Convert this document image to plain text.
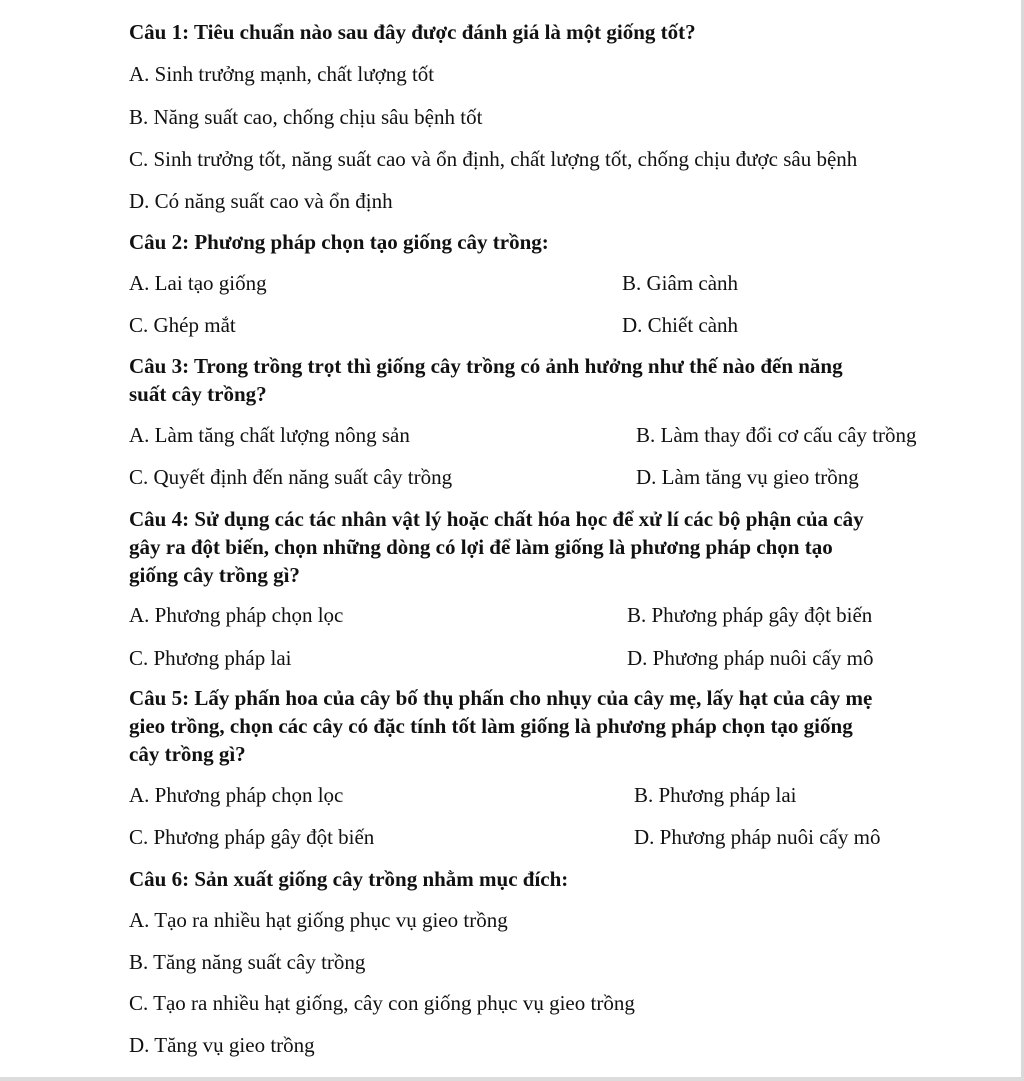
Câu 1: Tiêu chuẩn nào sau đây được đánh giá là một giống tốt?
A. Sinh trưởng mạnh, chất lượng tốt
B. Năng suất cao, chống chịu sâu bệnh tốt
C. Sinh trưởng tốt, năng suất cao và ổn định, chất lượng tốt, chống chịu được sâu bệnh
D. Có năng suất cao và ổn định
Câu 2: Phương pháp chọn tạo giống cây trồng:
A. Lai tạo giống	B. Giâm cành
C. Ghép mắt	D. Chiết cành
Câu 3: Trong trồng trọt thì giống cây trồng có ảnh hưởng như thế nào đến năng
suất cây trồng?
A. Làm tăng chất lượng nông sản	B. Làm thay đổi cơ cấu cây trồng
C. Quyết định đến năng suất cây trồng	D. Làm tăng vụ gieo trồng
Câu 4: Sử dụng các tác nhân vật lý hoặc chất hóa học để xử lí các bộ phận của cây
gây ra đột biến, chọn những dòng có lợi để làm giống là phương pháp chọn tạo
giống cây trồng gì?
A. Phương pháp chọn lọc	B. Phương pháp gây đột biến
C. Phương pháp lai	D. Phương pháp nuôi cấy mô
Câu 5: Lấy phấn hoa của cây bố thụ phấn cho nhụy của cây mẹ, lấy hạt của cây mẹ
gieo trồng, chọn các cây có đặc tính tốt làm giống là phương pháp chọn tạo giống
cây trồng gì?
A. Phương pháp chọn lọc	B. Phương pháp lai
C. Phương pháp gây đột biến	D. Phương pháp nuôi cấy mô
Câu 6: Sản xuất giống cây trồng nhằm mục đích:
A. Tạo ra nhiều hạt giống phục vụ gieo trồng
B. Tăng năng suất cây trồng
C. Tạo ra nhiều hạt giống, cây con giống phục vụ gieo trồng
D. Tăng vụ gieo trồng
